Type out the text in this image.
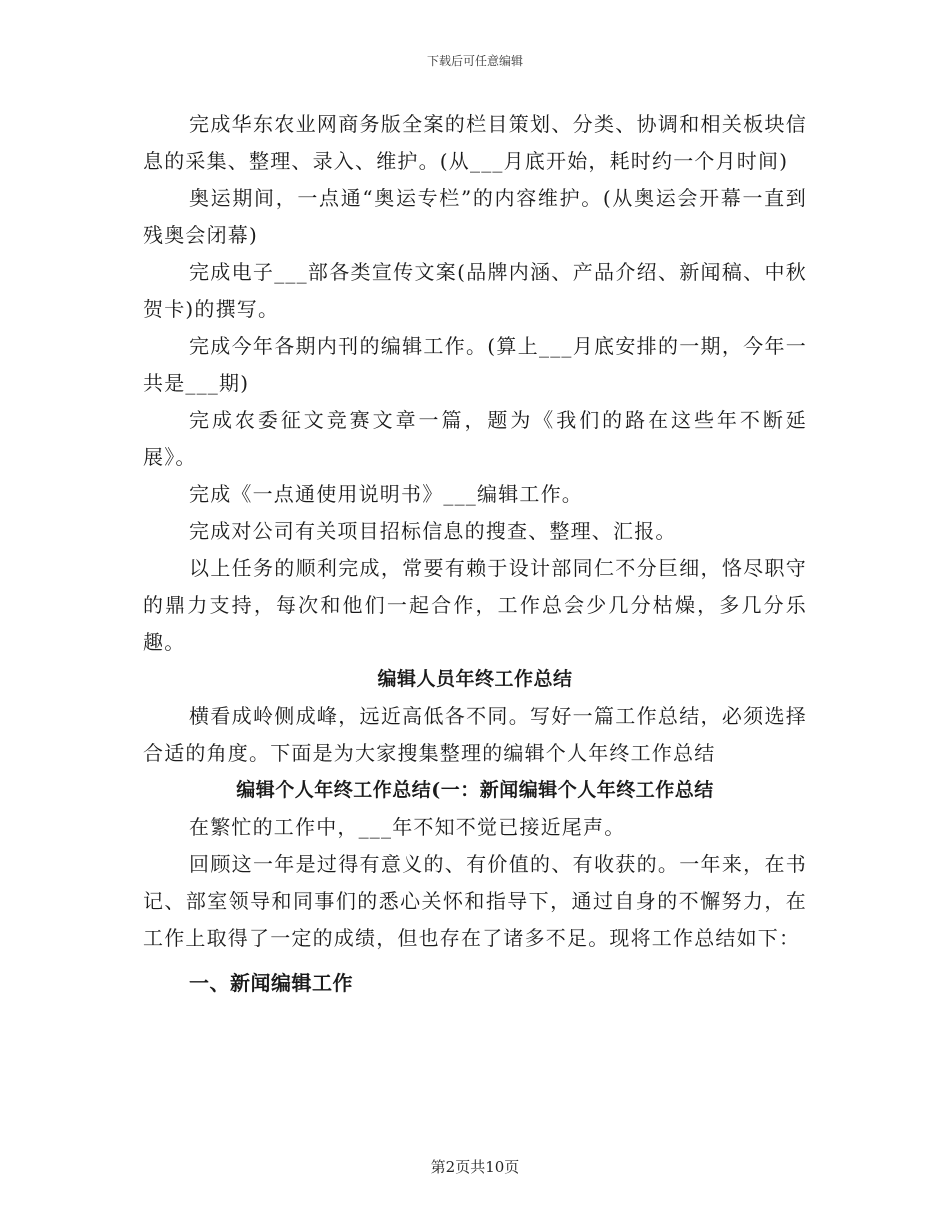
下载后可任意编辑

完成华东农业网商务版全案的栏目策划、分类、协调和相关板块信息的采集、整理、录入、维护。(从___月底开始，耗时约一个月时间)

奥运期间，一点通“奥运专栏”的内容维护。(从奥运会开幕一直到残奥会闭幕)

完成电子___部各类宣传文案(品牌内涵、产品介绍、新闻稿、中秋贺卡)的撰写。

完成今年各期内刊的编辑工作。(算上___月底安排的一期，今年一共是___期)

完成农委征文竞赛文章一篇，题为《我们的路在这些年不断延展》。

完成《一点通使用说明书》___编辑工作。

完成对公司有关项目招标信息的搜查、整理、汇报。

以上任务的顺利完成，常要有赖于设计部同仁不分巨细，恪尽职守的鼎力支持，每次和他们一起合作，工作总会少几分枯燥，多几分乐趣。

编辑人员年终工作总结

横看成岭侧成峰，远近高低各不同。写好一篇工作总结，必须选择合适的角度。下面是为大家搜集整理的编辑个人年终工作总结

编辑个人年终工作总结(一：新闻编辑个人年终工作总结

在繁忙的工作中，___年不知不觉已接近尾声。

回顾这一年是过得有意义的、有价值的、有收获的。一年来，在书记、部室领导和同事们的悉心关怀和指导下，通过自身的不懈努力，在工作上取得了一定的成绩，但也存在了诸多不足。现将工作总结如下：

一、新闻编辑工作

第2页共10页
